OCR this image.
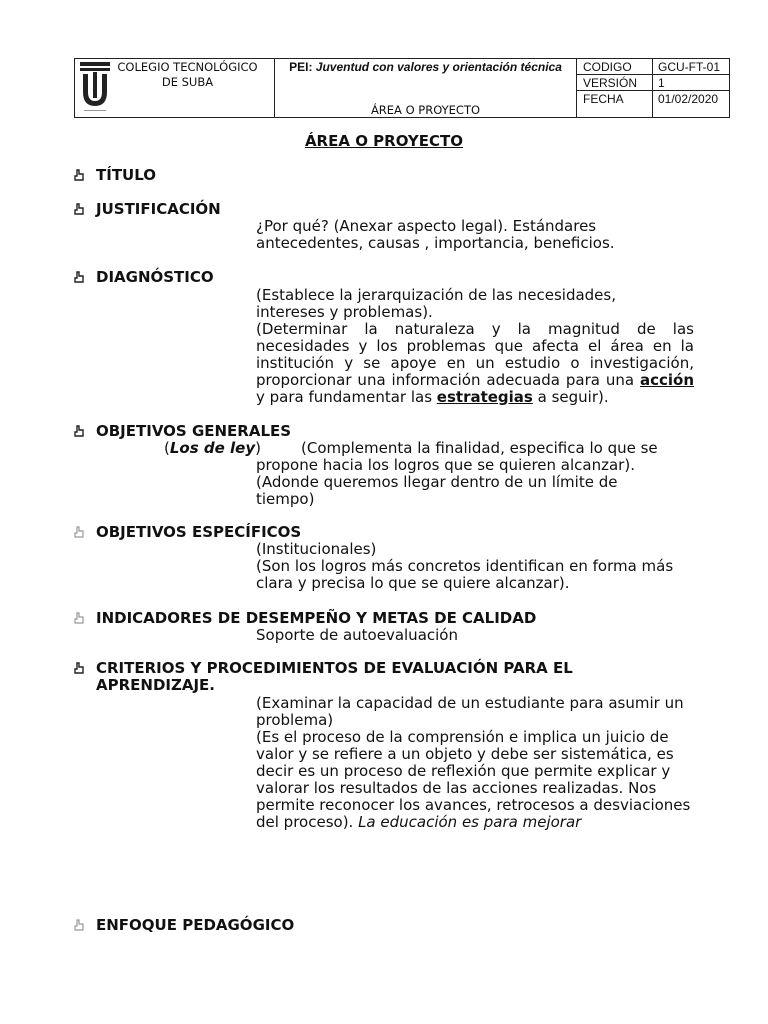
COLEGIO TECNOLÓGICO
DE SUBA
PEI: Juventud con valores y orientación técnica
ÁREA O PROYECTO
CODIGO	GCU-FT-01
VERSIÓN	1
FECHA	01/02/2020
ÁREA O PROYECTO
TÍTULO
JUSTIFICACIÓN
¿Por qué? (Anexar aspecto legal). Estándares antecedentes, causas , importancia, beneficios.
DIAGNÓSTICO
(Establece la jerarquización de las necesidades, intereses y problemas).
(Determinar la naturaleza y la magnitud de las necesidades y los problemas que afecta el área en la institución y se apoye en un estudio o investigación, proporcionar una información adecuada para una acción y para fundamentar las estrategias a seguir).
OBJETIVOS GENERALES
(Los de ley)	(Complementa la finalidad, especifica lo que se
propone hacia los logros que se quieren alcanzar). (Adonde queremos llegar dentro de un límite de tiempo)
OBJETIVOS ESPECÍFICOS
(Institucionales)
(Son los logros más concretos identifican en forma más clara y precisa lo que se quiere alcanzar).
INDICADORES DE DESEMPEÑO Y METAS DE CALIDAD
Soporte de autoevaluación
CRITERIOS Y PROCEDIMIENTOS DE EVALUACIÓN PARA EL
APRENDIZAJE.
(Examinar la capacidad de un estudiante para asumir un problema)
(Es el proceso de la comprensión e implica un juicio de valor y se refiere a un objeto y debe ser sistemática, es decir es un proceso de reflexión que permite explicar y valorar los resultados de las acciones realizadas. Nos permite reconocer los avances, retrocesos a desviaciones del proceso). La educación es para mejorar
ENFOQUE PEDAGÓGICO
